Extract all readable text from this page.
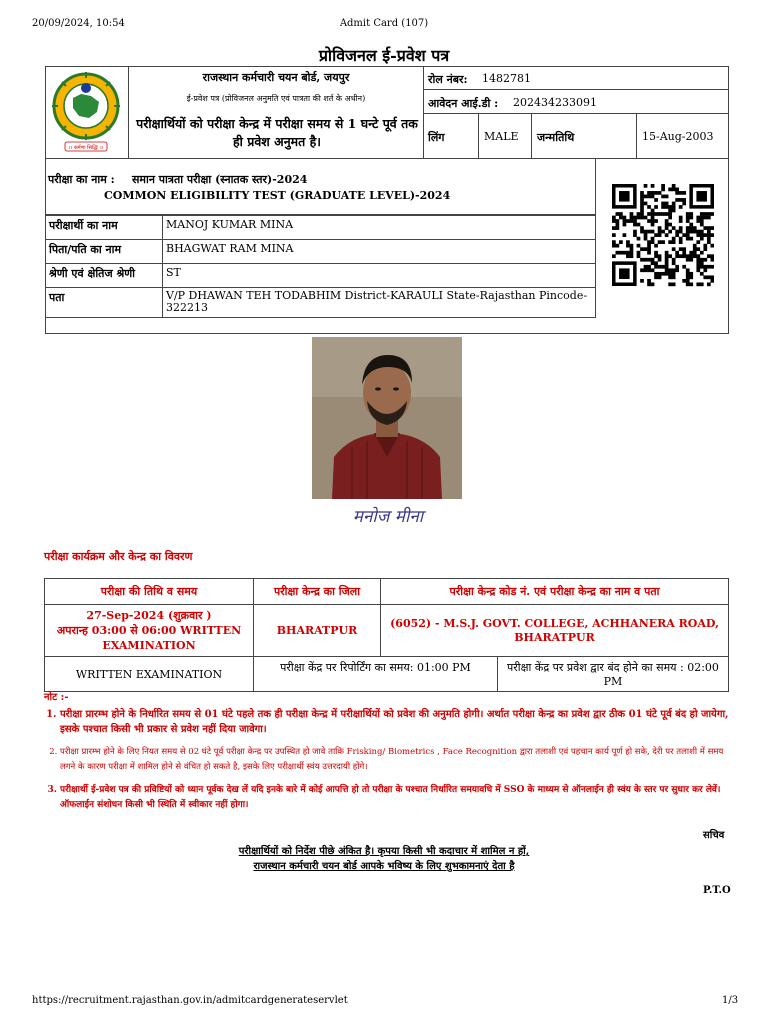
20/09/2024, 10:54	Admit Card (107)
प्रोविजनल ई-प्रवेश पत्र
।। कर्मणा सिद्धिः ।।
राजस्थान कर्मचारी चयन बोर्ड, जयपुर
ई-प्रवेश पत्र (प्रोविजनल अनुमति एवं पात्रता की शर्त के अधीन)
परीक्षार्थियों को परीक्षा केन्द्र में परीक्षा समय से 1 घन्टे पूर्व तक ही प्रवेश अनुमत है।
रोल नंबर: 1482781
आवेदन आई.डी : 202434233091
लिंग	MALE जन्मतिथि	15-Aug-2003
परीक्षा का नाम : समान पात्रता परीक्षा (स्नातक स्तर)-2024
COMMON ELIGIBILITY TEST (GRADUATE LEVEL)-2024
परीक्षार्थी का नाम	MANOJ KUMAR MINA
पिता/पति का नाम	BHAGWAT RAM MINA
श्रेणी एवं क्षेतिज श्रेणी	ST
पता	V/P DHAWAN TEH TODABHIM District-KARAULI State-Rajasthan Pincode-322213
मनोज मीना
परीक्षा कार्यक्रम और केन्द्र का विवरण
परीक्षा की तिथि व समय	परीक्षा केन्द्र का जिला	परीक्षा केन्द्र कोड नं. एवं परीक्षा केन्द्र का नाम व पता

27-Sep-2024 (शुक्रवार )
अपरान्ह 03:00 से 06:00 WRITTEN EXAMINATION	BHARATPUR	(6052) - M.S.J. GOVT. COLLEGE, ACHHANERA ROAD, BHARATPUR
WRITTEN EXAMINATION	परीक्षा केंद्र पर रिपोर्टिंग का समय: 01:00 PM परीक्षा केंद्र पर प्रवेश द्वार बंद होने का समय : 02:00 PM	
नोट :-
1. परीक्षा प्रारम्भ होने के निर्धारित समय से 01 घंटे पहले तक ही परीक्षा केन्द्र में परीक्षार्थियों को प्रवेश की अनुमति होगी। अर्थात परीक्षा केन्द्र का प्रवेश द्वार ठीक 01 घंटे पूर्व बंद हो जायेगा, इसके पश्चात किसी भी प्रकार से प्रवेश नहीं दिया जावेगा।
2. परीक्षा प्रारम्भ होने के लिए नियत समय से 02 घंटे पूर्व परीक्षा केन्द्र पर उपस्थित हो जावे ताकि Frisking/ Biometrics , Face Recognition द्वारा तलाशी एवं पहचान कार्य पूर्ण हो सके, देरी पर तलाशी में समय लगने के कारण परीक्षा में शामिल होने से वंचित हो सकते है, इसके लिए परीक्षार्थी स्वंय उत्तरदायी होंगे।
3. परीक्षार्थी ई-प्रवेश पत्र की प्रविष्टियों को ध्यान पूर्वक देख लें यदि इनके बारे में कोई आपत्ति हो तो परीक्षा के पश्चात निर्धारित समयावधि में SSO के माध्यम से ऑनलाईन ही स्वंय के स्तर पर सुधार कर लेवें। ऑफलाईन संशोधन किसी भी स्थिति में स्वीकार नहीं होगा।
सचिव
परीक्षार्थियों को निर्देश पीछे अंकित है। कृपया किसी भी कदाचार में शामिल न हों,
राजस्थान कर्मचारी चयन बोर्ड आपके भविष्य के लिए शुभकामनाएं देता है
P.T.O
https://recruitment.rajasthan.gov.in/admitcardgenerateservlet	1/3
